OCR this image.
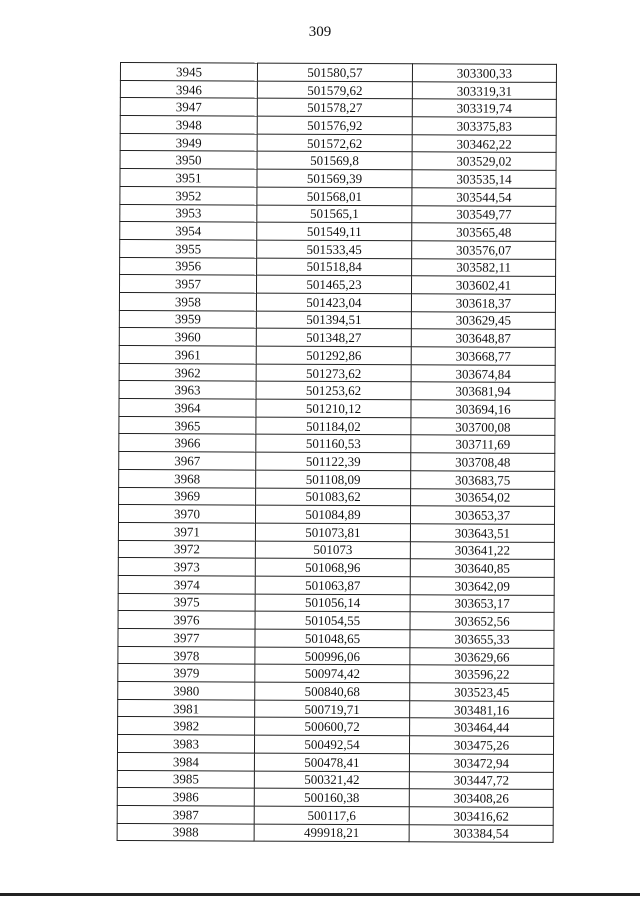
309
3945	501580,57	303300,33
3946	501579,62	303319,31
3947	501578,27	303319,74
3948	501576,92	303375,83
3949	501572,62	303462,22
3950	501569,8	303529,02
3951	501569,39	303535,14
3952	501568,01	303544,54
3953	501565,1	303549,77
3954	501549,11	303565,48
3955	501533,45	303576,07
3956	501518,84	303582,11
3957	501465,23	303602,41
3958	501423,04	303618,37
3959	501394,51	303629,45
3960	501348,27	303648,87
3961	501292,86	303668,77
3962	501273,62	303674,84
3963	501253,62	303681,94
3964	501210,12	303694,16
3965	501184,02	303700,08
3966	501160,53	303711,69
3967	501122,39	303708,48
3968	501108,09	303683,75
3969	501083,62	303654,02
3970	501084,89	303653,37
3971	501073,81	303643,51
3972	501073	303641,22
3973	501068,96	303640,85
3974	501063,87	303642,09
3975	501056,14	303653,17
3976	501054,55	303652,56
3977	501048,65	303655,33
3978	500996,06	303629,66
3979	500974,42	303596,22
3980	500840,68	303523,45
3981	500719,71	303481,16
3982	500600,72	303464,44
3983	500492,54	303475,26
3984	500478,41	303472,94
3985	500321,42	303447,72
3986	500160,38	303408,26
3987	500117,6	303416,62
3988	499918,21	303384,54
